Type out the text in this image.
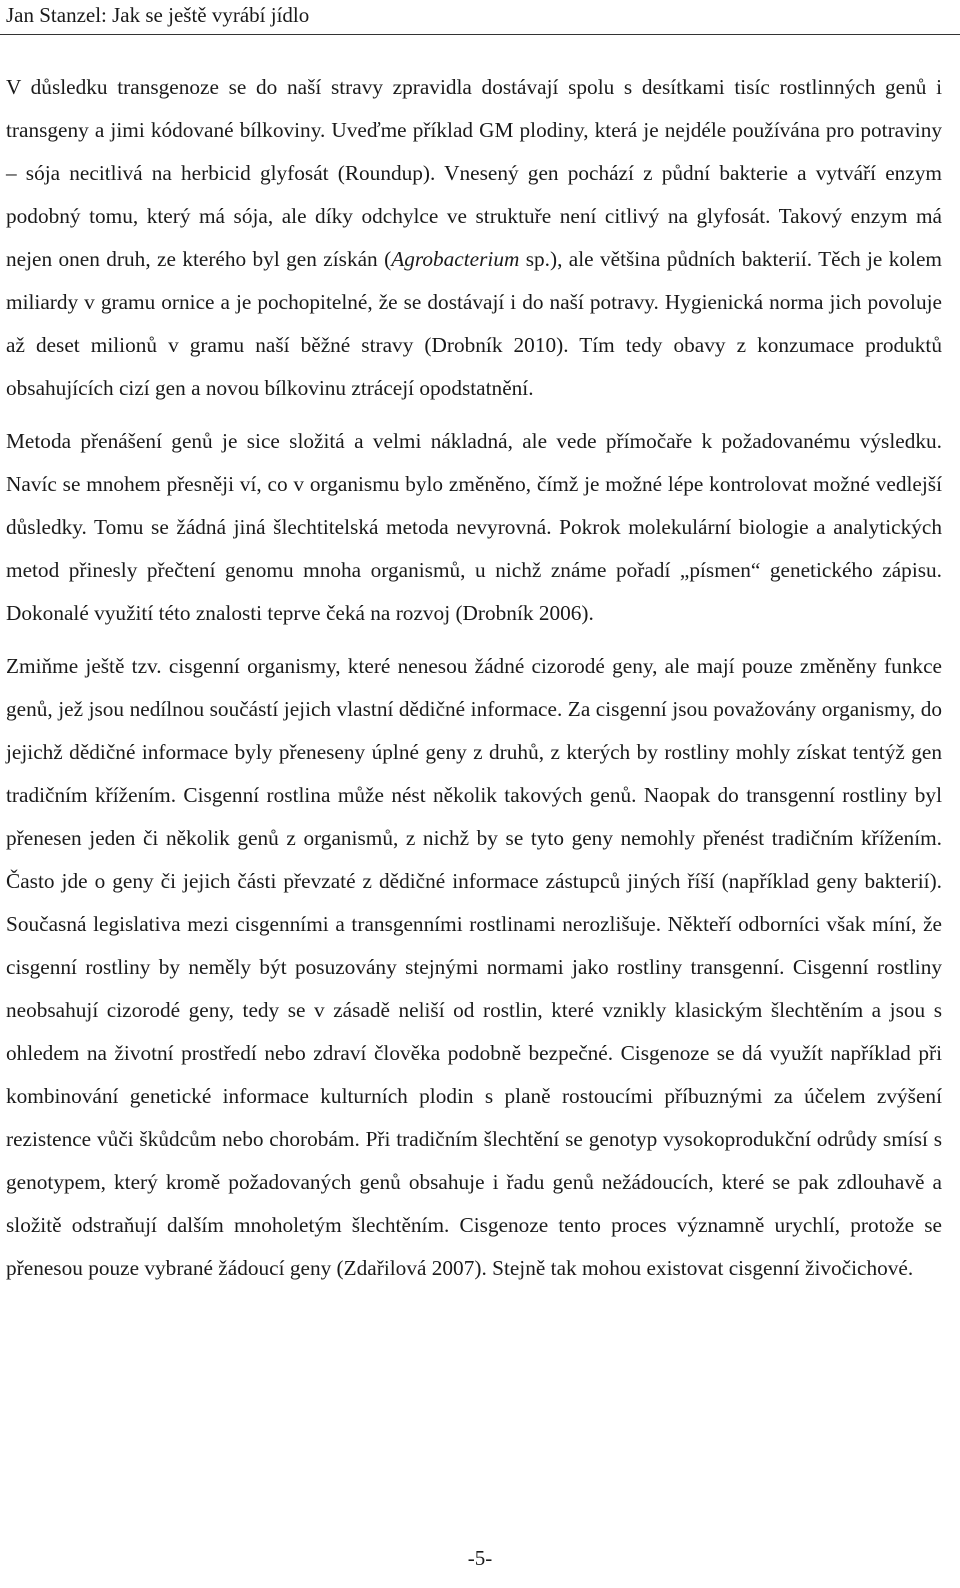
Jan Stanzel: Jak se ještě vyrábí jídlo

V důsledku transgenoze se do naší stravy zpravidla dostávají spolu s desítkami tisíc rostlinných genů i transgeny a jimi kódované bílkoviny. Uveďme příklad GM plodiny, která je nejdéle používána pro potraviny – sója necitlivá na herbicid glyfosát (Roundup). Vnesený gen pochází z půdní bakterie a vytváří enzym podobný tomu, který má sója, ale díky odchylce ve struktuře není citlivý na glyfosát. Takový enzym má nejen onen druh, ze kterého byl gen získán (Agrobacterium sp.), ale většina půdních bakterií. Těch je kolem miliardy v gramu ornice a je pochopitelné, že se dostávají i do naší potravy. Hygienická norma jich povoluje až deset milionů v gramu naší běžné stravy (Drobník 2010). Tím tedy obavy z konzumace produktů obsahujících cizí gen a novou bílkovinu ztrácejí opodstatnění.

Metoda přenášení genů je sice složitá a velmi nákladná, ale vede přímočaře k požadovanému výsledku. Navíc se mnohem přesněji ví, co v organismu bylo změněno, čímž je možné lépe kontrolovat možné vedlejší důsledky. Tomu se žádná jiná šlechtitelská metoda nevyrovná. Pokrok molekulární biologie a analytických metod přinesly přečtení genomu mnoha organismů, u nichž známe pořadí „písmen“ genetického zápisu. Dokonalé využití této znalosti teprve čeká na rozvoj (Drobník 2006).

Zmiňme ještě tzv. cisgenní organismy, které nenesou žádné cizorodé geny, ale mají pouze změněny funkce genů, jež jsou nedílnou součástí jejich vlastní dědičné informace. Za cisgenní jsou považovány organismy, do jejichž dědičné informace byly přeneseny úplné geny z druhů, z kterých by rostliny mohly získat tentýž gen tradičním křížením. Cisgenní rostlina může nést několik takových genů. Naopak do transgenní rostliny byl přenesen jeden či několik genů z organismů, z nichž by se tyto geny nemohly přenést tradičním křížením. Často jde o geny či jejich části převzaté z dědičné informace zástupců jiných říší (například geny bakterií). Současná legislativa mezi cisgenními a transgenními rostlinami nerozlišuje. Někteří odborníci však míní, že cisgenní rostliny by neměly být posuzovány stejnými normami jako rostliny transgenní. Cisgenní rostliny neobsahují cizorodé geny, tedy se v zásadě neliší od rostlin, které vznikly klasickým šlechtěním a jsou s ohledem na životní prostředí nebo zdraví člověka podobně bezpečné. Cisgenoze se dá využít například při kombinování genetické informace kulturních plodin s planě rostoucími příbuznými za účelem zvýšení rezistence vůči škůdcům nebo chorobám. Při tradičním šlechtění se genotyp vysokoprodukční odrůdy smísí s genotypem, který kromě požadovaných genů obsahuje i řadu genů nežádoucích, které se pak zdlouhavě a složitě odstraňují dalším mnoholetým šlechtěním. Cisgenoze tento proces významně urychlí, protože se přenesou pouze vybrané žádoucí geny (Zdařilová 2007). Stejně tak mohou existovat cisgenní živočichové.

-5-
